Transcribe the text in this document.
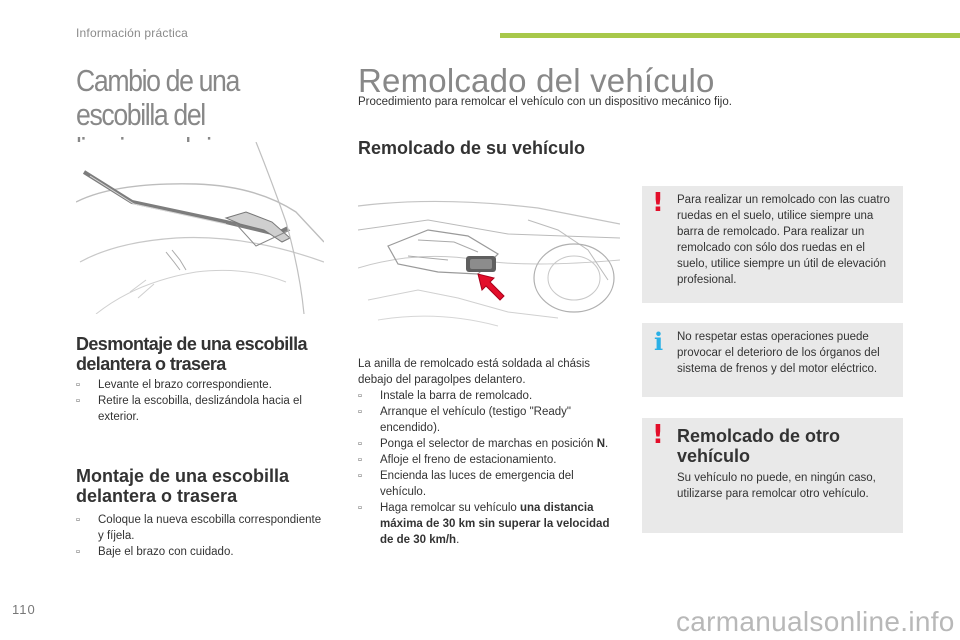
Información práctica
Cambio de una escobilla del
Desmontaje de una escobilla delantera o trasera
▫ Levante el brazo correspondiente.
▫ Retire la escobilla, deslizándola hacia el exterior.
Montaje de una escobilla delantera o trasera
▫ Coloque la nueva escobilla correspondiente y fíjela.
▫ Baje el brazo con cuidado.
Remolcado del vehículo
Procedimiento para remolcar el vehículo con un dispositivo mecánico fijo.
Remolcado de su vehículo
La anilla de remolcado está soldada al chásis debajo del paragolpes delantero.
▫ Instale la barra de remolcado.
▫ Arranque el vehículo (testigo "Ready" encendido).
▫ Ponga el selector de marchas en posición N.
▫ Afloje el freno de estacionamiento.
▫ Encienda las luces de emergencia del vehículo.
▫ Haga remolcar su vehículo una distancia máxima de 30 km sin superar la velocidad de de 30 km/h.
! Para realizar un remolcado con las cuatro ruedas en el suelo, utilice siempre una barra de remolcado. Para realizar un remolcado con sólo dos ruedas en el suelo, utilice siempre un útil de elevación profesional.
i No respetar estas operaciones puede provocar el deterioro de los órganos del sistema de frenos y del motor eléctrico.
! Remolcado de otro vehículo
Su vehículo no puede, en ningún caso, utilizarse para remolcar otro vehículo.
110	carmanualsonline.info
